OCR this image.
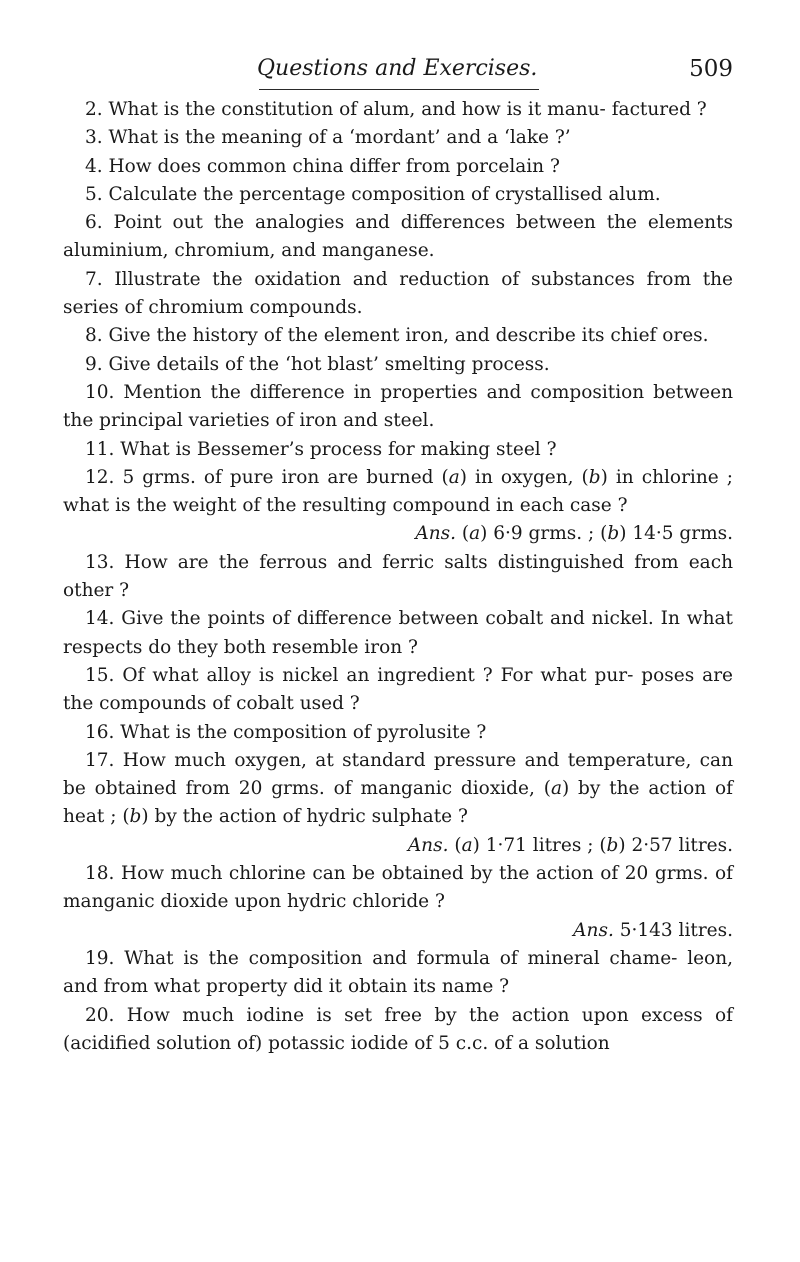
Questions and Exercises.	509

2. What is the constitution of alum, and how is it manu- factured ?

3. What is the meaning of a ‘mordant’ and a ‘lake ?’

4. How does common china differ from porcelain ?

5. Calculate the percentage composition of crystallised alum.

6. Point out the analogies and differences between the elements aluminium, chromium, and manganese.

7. Illustrate the oxidation and reduction of substances from the series of chromium compounds.

8. Give the history of the element iron, and describe its chief ores.

9. Give details of the ‘hot blast’ smelting process.

10. Mention the difference in properties and composition between the principal varieties of iron and steel.

11. What is Bessemer’s process for making steel ?

12. 5 grms. of pure iron are burned (a) in oxygen, (b) in chlorine ; what is the weight of the resulting compound in each case ?

Ans. (a) 6·9 grms. ; (b) 14·5 grms.

13. How are the ferrous and ferric salts distinguished from each other ?

14. Give the points of difference between cobalt and nickel. In what respects do they both resemble iron ?

15. Of what alloy is nickel an ingredient ? For what pur- poses are the compounds of cobalt used ?

16. What is the composition of pyrolusite ?

17. How much oxygen, at standard pressure and temperature, can be obtained from 20 grms. of manganic dioxide, (a) by the action of heat ; (b) by the action of hydric sulphate ?

Ans. (a) 1·71 litres ; (b) 2·57 litres.

18. How much chlorine can be obtained by the action of 20 grms. of manganic dioxide upon hydric chloride ?

Ans. 5·143 litres.

19. What is the composition and formula of mineral chame- leon, and from what property did it obtain its name ?

20. How much iodine is set free by the action upon excess of (acidified solution of) potassic iodide of 5 c.c. of a solution
